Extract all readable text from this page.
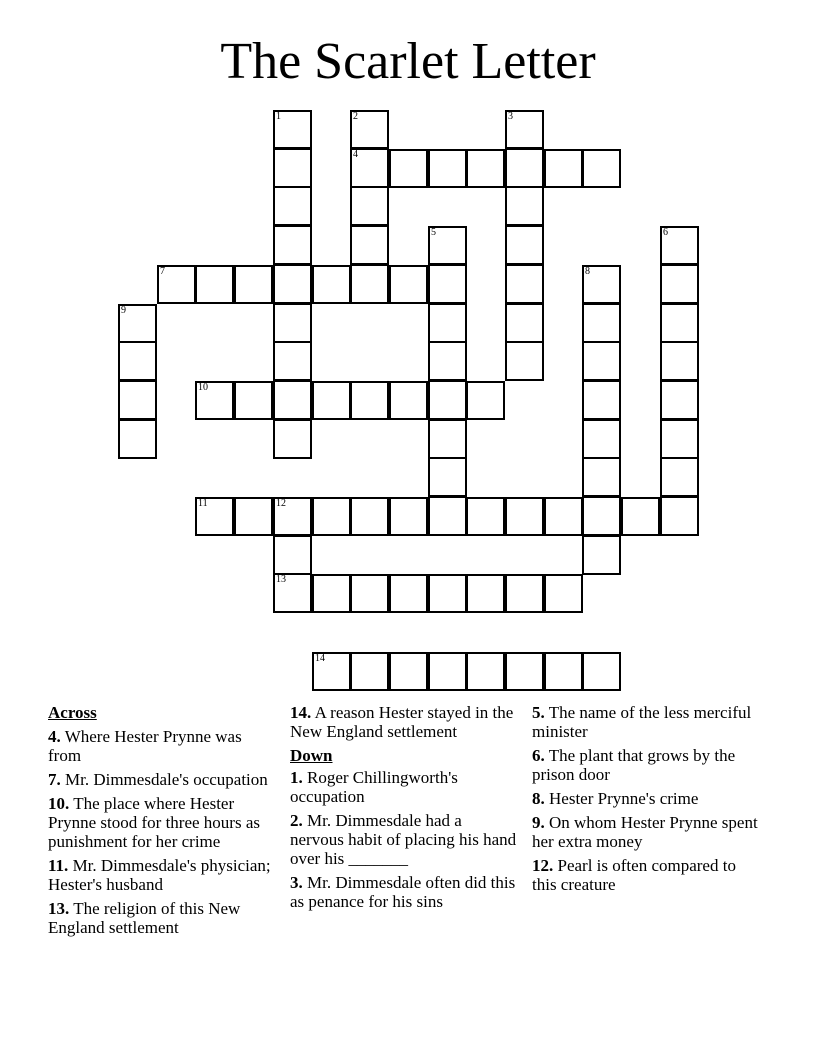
The Scarlet Letter
1	2	3
4
5	6
7	8
9
10
11	12
13
14
Across
4. Where Hester Prynne was from
7. Mr. Dimmesdale's occupation
10. The place where Hester Prynne stood for three hours as punishment for her crime
11. Mr. Dimmesdale's physician; Hester's husband
13. The religion of this New England settlement
14. A reason Hester stayed in the New England settlement
Down
1. Roger Chillingworth's occupation
2. Mr. Dimmesdale had a nervous habit of placing his hand over his _______
3. Mr. Dimmesdale often did this as penance for his sins
5. The name of the less merciful minister
6. The plant that grows by the prison door
8. Hester Prynne's crime
9. On whom Hester Prynne spent her extra money
12. Pearl is often compared to this creature
